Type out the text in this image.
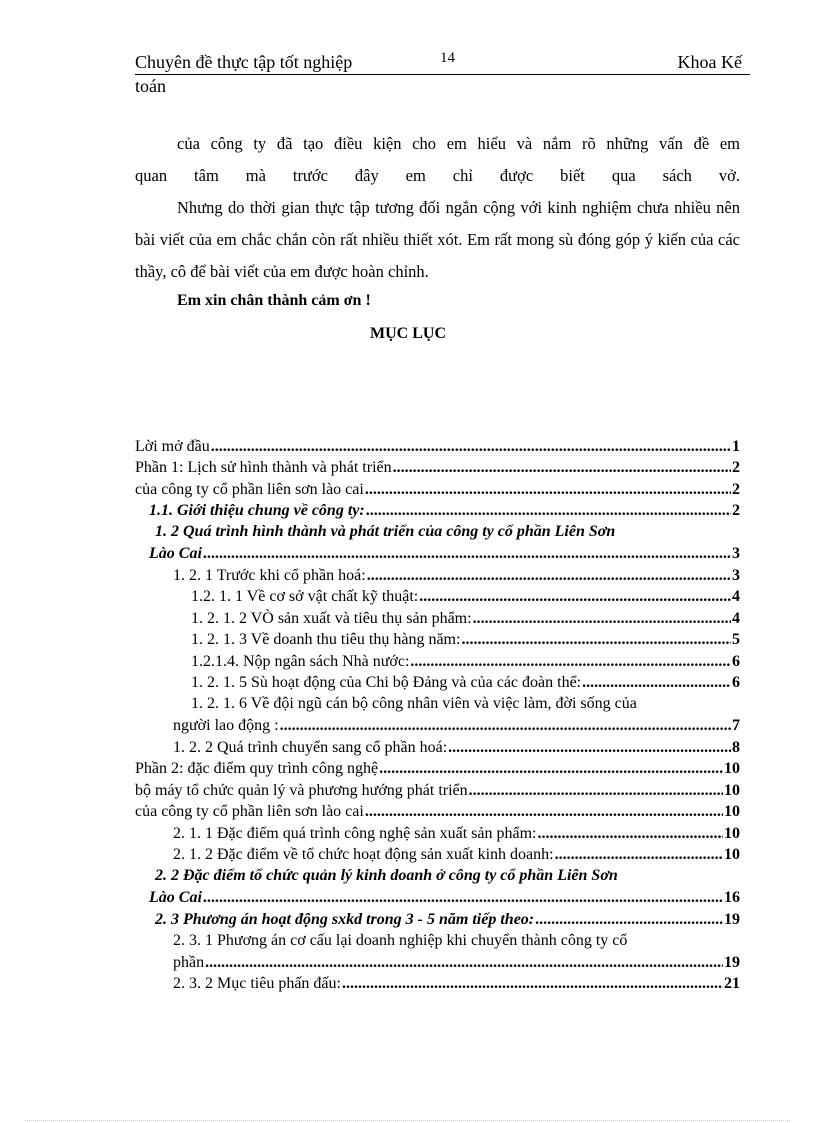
Chuyên đề thực tập tốt nghiệp	14	Khoa Kế
toán
của công ty đã tạo điều kiện cho em hiểu và nắm rõ những vấn đề em
quan tâm mà trước đây em chỉ được biết qua sách vở.
Nhưng do thời gian thực tập tương đối ngắn cộng với kinh nghiệm chưa nhiều nên bài viết của em chắc chắn còn rất nhiều thiết xót. Em rất mong sù đóng góp ý kiến của các thầy, cô để bài viết của em được hoàn chỉnh.
Em xin chân thành cảm ơn !
MỤC LỤC
Lời mở đầu .....	1
Phần 1: Lịch sử hình thành và phát triển .....	2
của công ty cổ phần liên sơn lào cai .....	2
1.1. Giới thiệu chung về công ty: .....	2
1. 2 Quá trình hình thành và phát triển của công ty cổ phần Liên Sơn
Lào Cai .....	3
1. 2. 1 Trước khi cổ phần hoá: .....	3
1.2. 1. 1 Về cơ sở vật chất kỹ thuật: .....	4
1. 2. 1. 2 VÒ sản xuất và tiêu thụ sản phẩm: .....	4
1. 2. 1. 3 Về doanh thu tiêu thụ hàng năm: .....	5
1.2.1.4. Nộp ngân sách Nhà nước: .....	6
1. 2. 1. 5 Sù hoạt động của Chi bộ Đảng và của các đoàn thể: .....	6
1. 2. 1. 6 Về đội ngũ cán bộ công nhân viên và việc làm, đời sống của
người lao động : .....	7
1. 2. 2 Quá trình chuyển sang cổ phần hoá: .....	8
Phần 2: đặc điểm quy trình công nghệ .....	10
bộ máy tổ chức quản lý và phương hướng phát triển .....	10
của công ty cổ phần liên sơn lào cai .....	10
2. 1. 1 Đặc điểm quá trình công nghệ sản xuất sản phẩm: .....	10
2. 1. 2 Đặc điểm về tổ chức hoạt động sản xuất kinh doanh: .....	10
2. 2 Đặc điểm tổ chức quản lý kinh doanh ở công ty cổ phần Liên Sơn
Lào Cai .....	16
2. 3 Phương án hoạt động sxkd trong 3 - 5 năm tiếp theo: .....	19
2. 3. 1 Phương án cơ cấu lại doanh nghiệp khi chuyển thành công ty cổ
phần .....	19
2. 3. 2 Mục tiêu phấn đấu: .....	21
